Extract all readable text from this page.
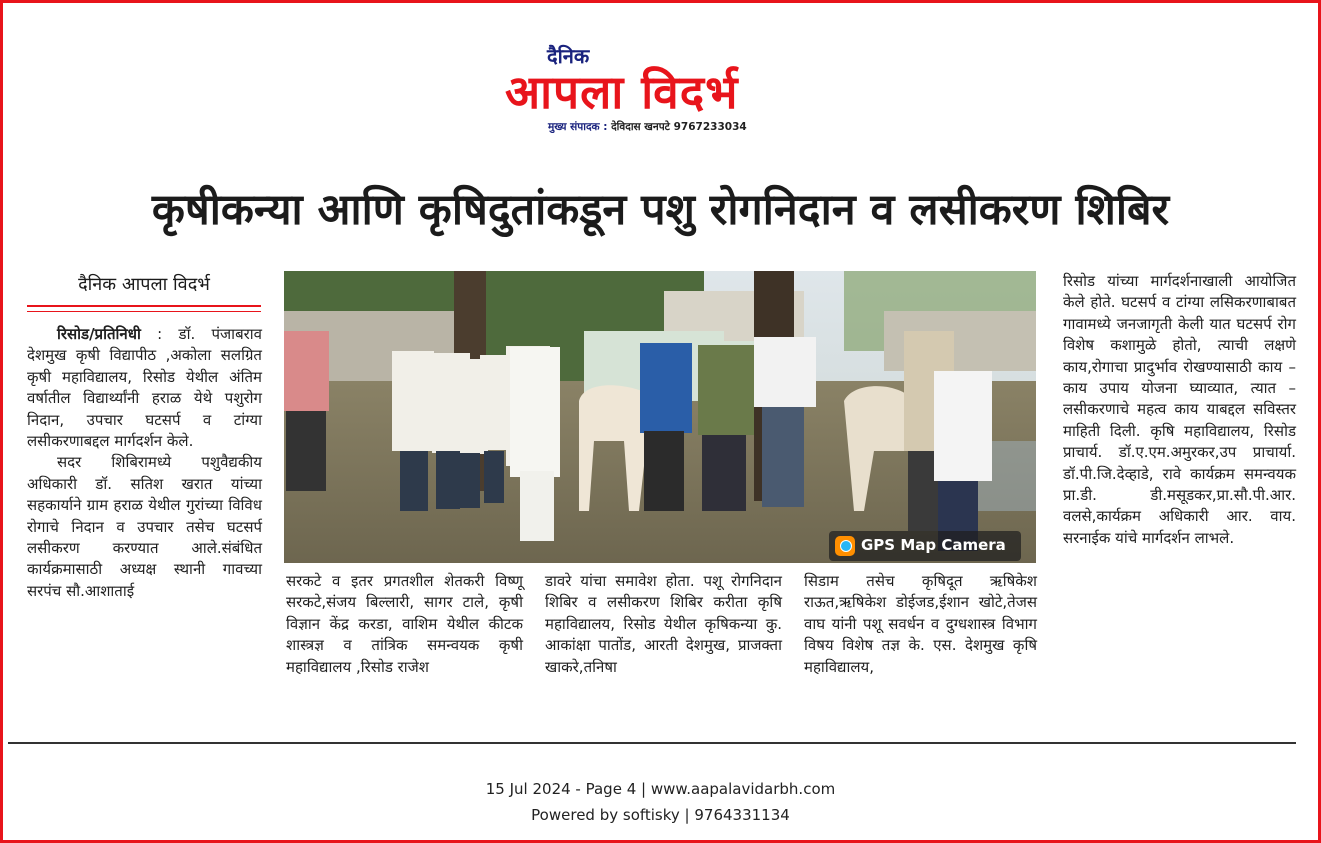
दैनिक
आपला विदर्भ
मुख्य संपादक : देविदास खनपटे 9767233034
कृषीकन्या आणि कृषिदुतांकडून पशु रोगनिदान व लसीकरण शिबिर
दैनिक आपला विदर्भ

रिसोड/प्रतिनिधी : डॉ. पंजाबराव देशमुख कृषी विद्यापीठ ,अकोला सलग्रित कृषी महाविद्यालय, रिसोड येथील अंतिम वर्षातील विद्यार्थ्यांनी हराळ येथे पशुरोग निदान, उपचार घटसर्प व टांग्या लसीकरणाबद्दल मार्गदर्शन केले.

सदर शिबिरामध्ये पशुवैद्यकीय अधिकारी डॉ. सतिश खरात यांच्या सहकार्याने ग्राम हराळ येथील गुरांच्या विविध रोगाचे निदान व उपचार तसेच घटसर्प लसीकरण करण्यात आले.संबंधित कार्यक्रमासाठी अध्यक्ष स्थानी गावच्या सरपंच सौ.आशाताई

GPS Map Camera

सरकटे व इतर प्रगतशील शेतकरी विष्णू सरकटे,संजय बिल्लारी, सागर टाले, कृषी विज्ञान केंद्र करडा, वाशिम येथील कीटक शास्त्रज्ञ व तांत्रिक समन्वयक कृषी महाविद्यालय ,रिसोड राजेश

डावरे यांचा समावेश होता. पशू रोगनिदान शिबिर व लसीकरण शिबिर करीता कृषि महाविद्यालय, रिसोड येथील कृषिकन्या कु. आकांक्षा पातोंड, आरती देशमुख, प्राजक्ता खाकरे,तनिषा

सिडाम तसेच कृषिदूत ऋषिकेश राऊत,ऋषिकेश डोईजड,ईशान खोटे,तेजस वाघ यांनी पशू सवर्धन व दुग्धशास्त्र विभाग विषय विशेष तज्ञ के. एस. देशमुख कृषि महाविद्यालय,

रिसोड यांच्या मार्गदर्शनाखाली आयोजित केले होते. घटसर्प व टांग्या लसिकरणाबाबत गावामध्ये जनजागृती केली यात घटसर्प रोग विशेष कशामुळे होतो, त्याची लक्षणे काय,रोगाचा प्रादुर्भाव रोखण्यासाठी काय – काय उपाय योजना घ्याव्यात, त्यात – लसीकरणाचे महत्व काय याबद्दल सविस्तर माहिती दिली. कृषि महाविद्यालय, रिसोड प्राचार्य. डॉ.ए.एम.अमुरकर,उप प्राचार्या. डॉ.पी.जि.देव्हाडे, रावे कार्यक्रम समन्वयक प्रा.डी. डी.मसूडकर,प्रा.सौ.पी.आर. वलसे,कार्यक्रम अधिकारी आर. वाय. सरनाईक यांचे मार्गदर्शन लाभले.

15 Jul 2024 - Page 4 | www.aapalavidarbh.com
Powered by softisky | 9764331134
